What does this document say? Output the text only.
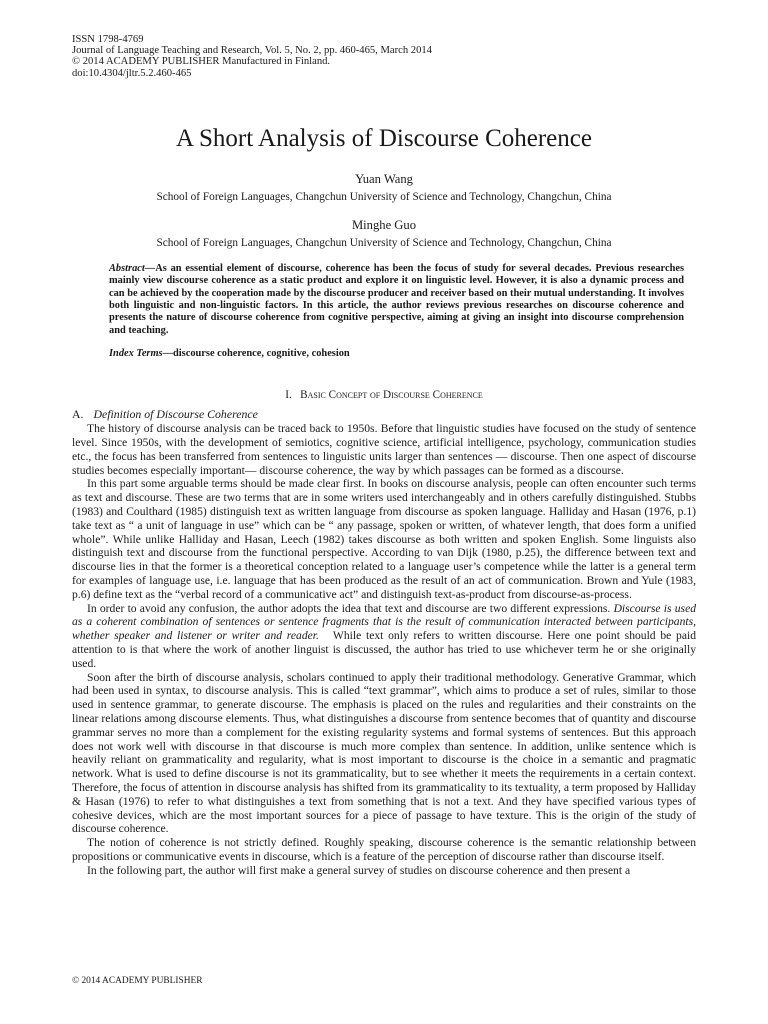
ISSN 1798-4769

Journal of Language Teaching and Research, Vol. 5, No. 2, pp. 460-465, March 2014

© 2014 ACADEMY PUBLISHER Manufactured in Finland.

doi:10.4304/jltr.5.2.460-465

A Short Analysis of Discourse Coherence

Yuan Wang

School of Foreign Languages, Changchun University of Science and Technology, Changchun, China

Minghe Guo

School of Foreign Languages, Changchun University of Science and Technology, Changchun, China

Abstract—As an essential element of discourse, coherence has been the focus of study for several decades. Previous researches mainly view discourse coherence as a static product and explore it on linguistic level. However, it is also a dynamic process and can be achieved by the cooperation made by the discourse producer and receiver based on their mutual understanding. It involves both linguistic and non-linguistic factors. In this article, the author reviews previous researches on discourse coherence and presents the nature of discourse coherence from cognitive perspective, aiming at giving an insight into discourse comprehension and teaching.

Index Terms—discourse coherence, cognitive, cohesion

I. Basic Concept of Discourse Coherence

A. Definition of Discourse Coherence

The history of discourse analysis can be traced back to 1950s. Before that linguistic studies have focused on the study of sentence level. Since 1950s, with the development of semiotics, cognitive science, artificial intelligence, psychology, communication studies etc., the focus has been transferred from sentences to linguistic units larger than sentences — discourse. Then one aspect of discourse studies becomes especially important— discourse coherence, the way by which passages can be formed as a discourse.

In this part some arguable terms should be made clear first. In books on discourse analysis, people can often encounter such terms as text and discourse. These are two terms that are in some writers used interchangeably and in others carefully distinguished. Stubbs (1983) and Coulthard (1985) distinguish text as written language from discourse as spoken language. Halliday and Hasan (1976, p.1) take text as “ a unit of language in use” which can be “ any passage, spoken or written, of whatever length, that does form a unified whole”. While unlike Halliday and Hasan, Leech (1982) takes discourse as both written and spoken English. Some linguists also distinguish text and discourse from the functional perspective. According to van Dijk (1980, p.25), the difference between text and discourse lies in that the former is a theoretical conception related to a language user’s competence while the latter is a general term for examples of language use, i.e. language that has been produced as the result of an act of communication. Brown and Yule (1983, p.6) define text as the “verbal record of a communicative act” and distinguish text-as-product from discourse-as-process.

In order to avoid any confusion, the author adopts the idea that text and discourse are two different expressions. Discourse is used as a coherent combination of sentences or sentence fragments that is the result of communication interacted between participants, whether speaker and listener or writer and reader. While text only refers to written discourse. Here one point should be paid attention to is that where the work of another linguist is discussed, the author has tried to use whichever term he or she originally used.

Soon after the birth of discourse analysis, scholars continued to apply their traditional methodology. Generative Grammar, which had been used in syntax, to discourse analysis. This is called “text grammar”, which aims to produce a set of rules, similar to those used in sentence grammar, to generate discourse. The emphasis is placed on the rules and regularities and their constraints on the linear relations among discourse elements. Thus, what distinguishes a discourse from sentence becomes that of quantity and discourse grammar serves no more than a complement for the existing regularity systems and formal systems of sentences. But this approach does not work well with discourse in that discourse is much more complex than sentence. In addition, unlike sentence which is heavily reliant on grammaticality and regularity, what is most important to discourse is the choice in a semantic and pragmatic network. What is used to define discourse is not its grammaticality, but to see whether it meets the requirements in a certain context. Therefore, the focus of attention in discourse analysis has shifted from its grammaticality to its textuality, a term proposed by Halliday & Hasan (1976) to refer to what distinguishes a text from something that is not a text. And they have specified various types of cohesive devices, which are the most important sources for a piece of passage to have texture. This is the origin of the study of discourse coherence.

The notion of coherence is not strictly defined. Roughly speaking, discourse coherence is the semantic relationship between propositions or communicative events in discourse, which is a feature of the perception of discourse rather than discourse itself.

In the following part, the author will first make a general survey of studies on discourse coherence and then present a

© 2014 ACADEMY PUBLISHER
